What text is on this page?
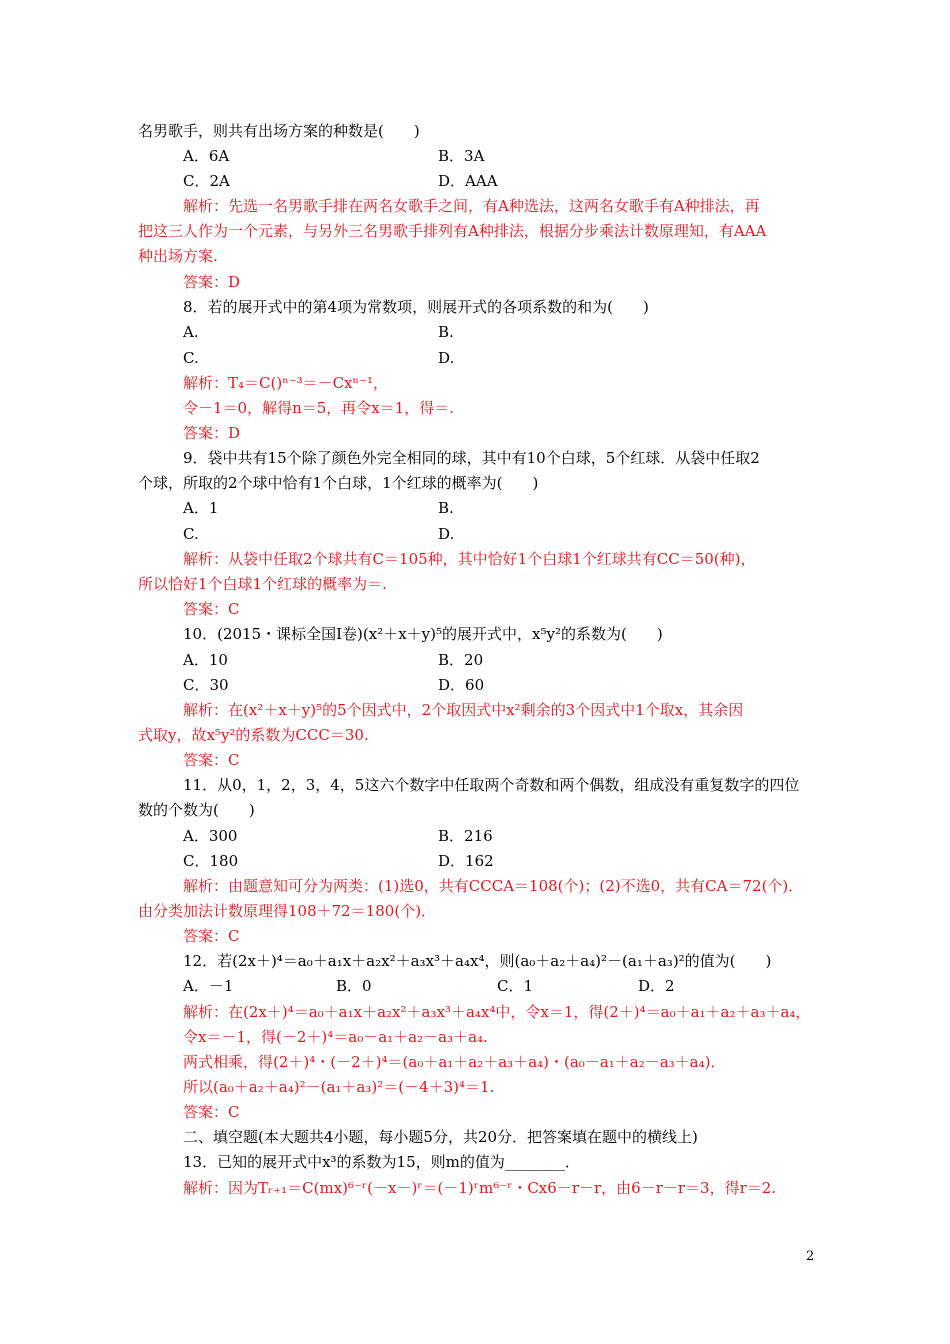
名男歌手，则共有出场方案的种数是(　　)
A．6A	B．3A
C．2A	D．AAA
解析：先选一名男歌手排在两名女歌手之间，有A种选法，这两名女歌手有A种排法，再
把这三人作为一个元素，与另外三名男歌手排列有A种排法，根据分步乘法计数原理知，有AAA
种出场方案.
答案：D
8．若的展开式中的第4项为常数项，则展开式的各项系数的和为(　　)
A.	B.
C.	D.
解析：T₄＝C()ⁿ⁻³＝－Cxⁿ⁻¹，
令－1＝0，解得n＝5，再令x＝1，得＝.
答案：D
9．袋中共有15个除了颜色外完全相同的球，其中有10个白球，5个红球．从袋中任取2
个球，所取的2个球中恰有1个白球，1个红球的概率为(　　)
A．1	B.
C.	D.
解析：从袋中任取2个球共有C＝105种，其中恰好1个白球1个红球共有CC＝50(种)，
所以恰好1个白球1个红球的概率为＝.
答案：C
10．(2015・课标全国Ⅰ卷)(x²＋x＋y)⁵的展开式中，x⁵y²的系数为(　　)
A．10	B．20
C．30	D．60
解析：在(x²＋x＋y)⁵的5个因式中，2个取因式中x²剩余的3个因式中1个取x，其余因
式取y，故x⁵y²的系数为CCC＝30.
答案：C
11．从0，1，2，3，4，5这六个数字中任取两个奇数和两个偶数，组成没有重复数字的四位
数的个数为(　　)
A．300	B．216
C．180	D．162
解析：由题意知可分为两类：(1)选0，共有CCCA＝108(个)；(2)不选0，共有CA＝72(个)．
由分类加法计数原理得108＋72＝180(个)．
答案：C
12．若(2x＋)⁴＝a₀＋a₁x＋a₂x²＋a₃x³＋a₄x⁴，则(a₀＋a₂＋a₄)²－(a₁＋a₃)²的值为(　　)
A．－1	B．0	C．1	D．2
解析：在(2x＋)⁴＝a₀＋a₁x＋a₂x²＋a₃x³＋a₄x⁴中，令x＝1，得(2＋)⁴＝a₀＋a₁＋a₂＋a₃＋a₄，
令x＝－1，得(－2＋)⁴＝a₀－a₁＋a₂－a₃＋a₄.
两式相乘，得(2＋)⁴・(－2＋)⁴＝(a₀＋a₁＋a₂＋a₃＋a₄)・(a₀－a₁＋a₂－a₃＋a₄)．
所以(a₀＋a₂＋a₄)²－(a₁＋a₃)²＝(－4＋3)⁴＝1.
答案：C
二、填空题(本大题共4小题，每小题5分，共20分．把答案填在题中的横线上)
13．已知的展开式中x³的系数为15，则m的值为________．
解析：因为Tᵣ₊₁＝C(mx)⁶⁻ʳ(－x－)ʳ＝(－1)ʳm⁶⁻ʳ・Cx6－r－r，由6－r－r＝3，得r＝2.
2
